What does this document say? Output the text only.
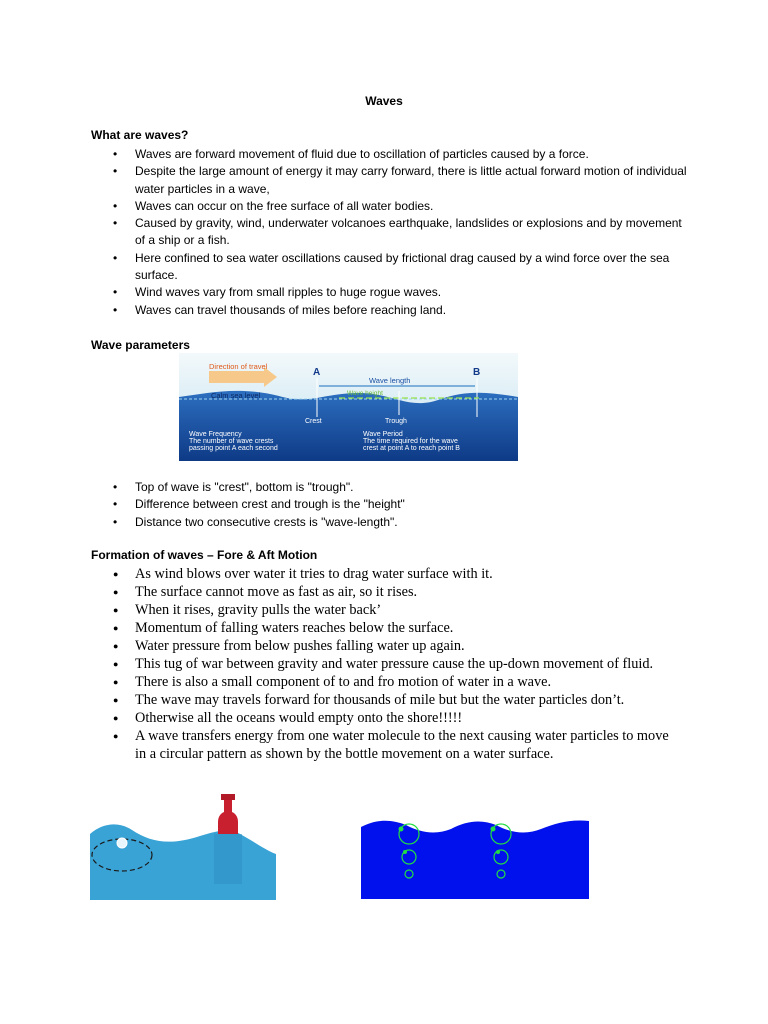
Waves
What are waves?
• Waves are forward movement of fluid due to oscillation of particles caused by a force.
• Despite the large amount of energy it may carry forward, there is little actual forward motion of individual water particles in a wave,
• Waves can occur on the free surface of all water bodies.
• Caused by gravity, wind, underwater volcanoes earthquake, landslides or explosions and by movement of a ship or a fish.
• Here confined to sea water oscillations caused by frictional drag caused by a wind force over the sea surface.
• Wind waves vary from small ripples to huge rogue waves.
• Waves can travel thousands of miles before reaching land.
Wave parameters
Direction of travel
A	B
Wave length
Wave height
Calm sea level
Crest	Trough
Wave Frequency
The number of wave crests
passing point A each second
Wave Period
The time required for the wave
crest at point A to reach point B
• Top of wave is "crest", bottom is "trough".
• Difference between crest and trough is the "height"
• Distance two consecutive crests is "wave-length".
Formation of waves – Fore & Aft Motion
● As wind blows over water it tries to drag water surface with it.
● The surface cannot move as fast as air, so it rises.
● When it rises, gravity pulls the water back’
● Momentum of falling waters reaches below the surface.
● Water pressure from below pushes falling water up again.
● This tug of war between gravity and water pressure cause the up-down movement of fluid.
● There is also a small component of to and fro motion of water in a wave.
● The wave may travels forward for thousands of mile but but the water particles don’t.
● Otherwise all the oceans would empty onto the shore!!!!!
● A wave transfers energy from one water molecule to the next causing water particles to move in a circular pattern as shown by the bottle movement on a water surface.
